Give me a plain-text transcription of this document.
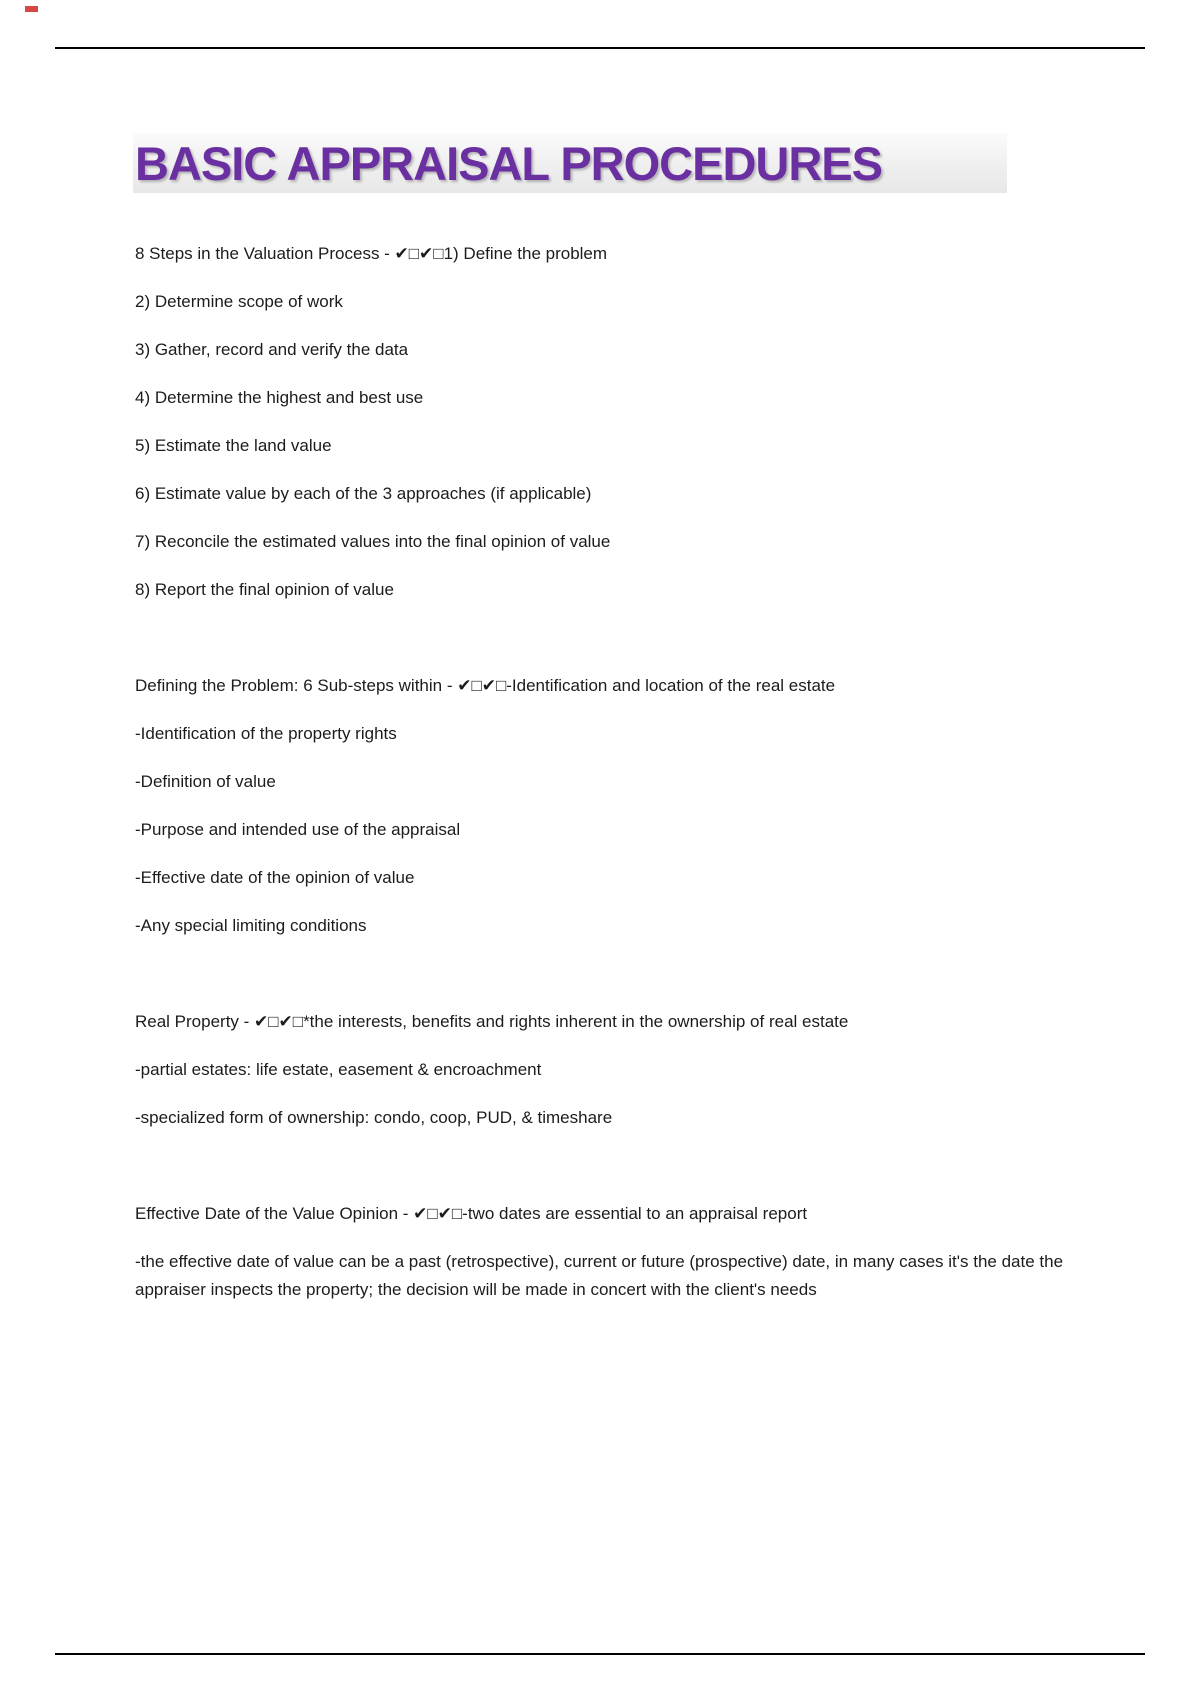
BASIC APPRAISAL PROCEDURES

8 Steps in the Valuation Process - ✔□✔□1) Define the problem

2) Determine scope of work

3) Gather, record and verify the data

4) Determine the highest and best use

5) Estimate the land value

6) Estimate value by each of the 3 approaches (if applicable)

7) Reconcile the estimated values into the final opinion of value

8) Report the final opinion of value

Defining the Problem: 6 Sub-steps within - ✔□✔□-Identification and location of the real estate

-Identification of the property rights

-Definition of value

-Purpose and intended use of the appraisal

-Effective date of the opinion of value

-Any special limiting conditions

Real Property - ✔□✔□*the interests, benefits and rights inherent in the ownership of real estate

-partial estates: life estate, easement & encroachment

-specialized form of ownership: condo, coop, PUD, & timeshare

Effective Date of the Value Opinion - ✔□✔□-two dates are essential to an appraisal report

-the effective date of value can be a past (retrospective), current or future (prospective) date, in many cases it's the date the appraiser inspects the property; the decision will be made in concert with the client's needs
